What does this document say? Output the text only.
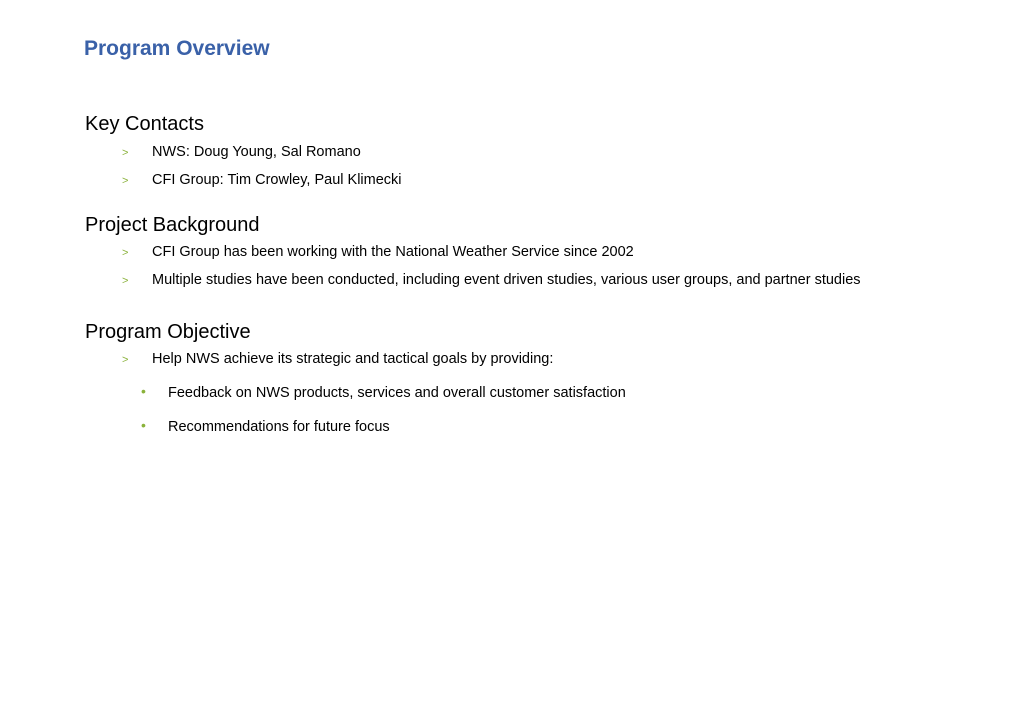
Program Overview
Key Contacts
> NWS: Doug Young, Sal Romano
> CFI Group: Tim Crowley, Paul Klimecki
Project Background
> CFI Group has been working with the National Weather Service since 2002
> Multiple studies have been conducted, including event driven studies, various user groups, and partner studies
Program Objective
> Help NWS achieve its strategic and tactical goals by providing:
• Feedback on NWS products, services and overall customer satisfaction
• Recommendations for future focus
